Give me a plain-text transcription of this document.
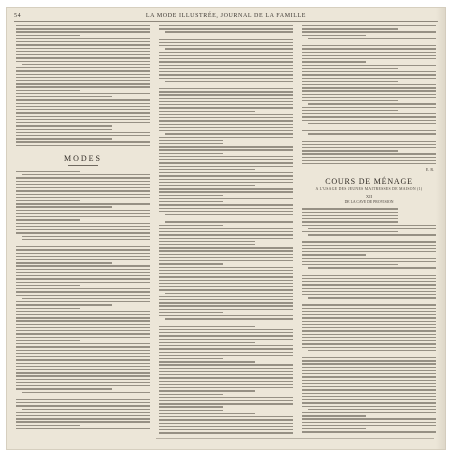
54	LA MODE ILLUSTRÉE, JOURNAL DE LA FAMILLE
MODES
E. R.
COURS DE MÉNAGE
A L'USAGE DES JEUNES MAITRESSES DE MAISON (1)
XII
DE LA CAVE DE PROVISION
